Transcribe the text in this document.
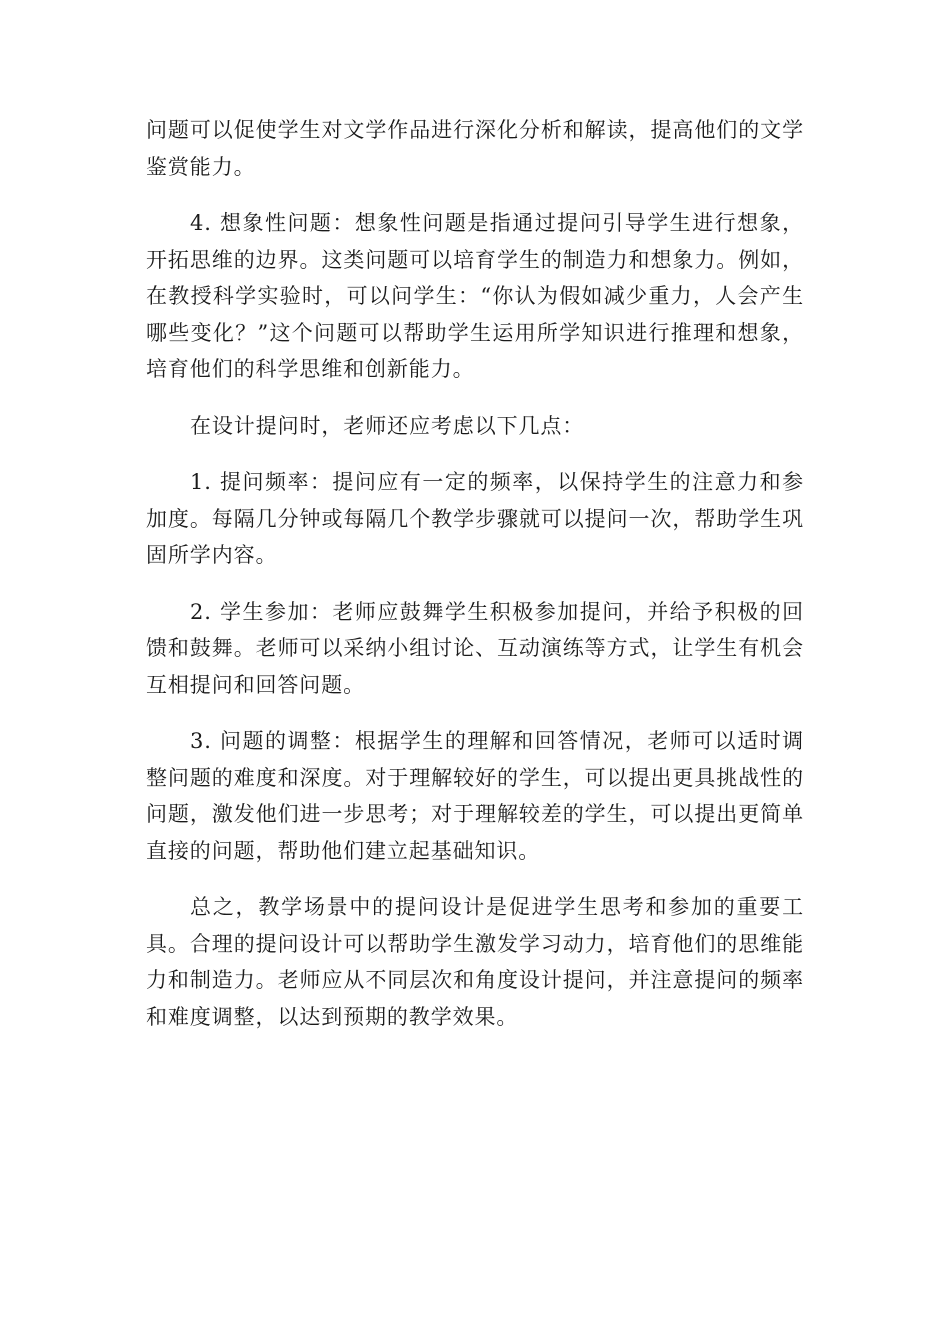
问题可以促使学生对文学作品进行深化分析和解读，提高他们的文学鉴赏能力。

4. 想象性问题：想象性问题是指通过提问引导学生进行想象，开拓思维的边界。这类问题可以培育学生的制造力和想象力。例如，在教授科学实验时，可以问学生：“你认为假如减少重力，人会产生哪些变化？”这个问题可以帮助学生运用所学知识进行推理和想象，培育他们的科学思维和创新能力。

在设计提问时，老师还应考虑以下几点：

1. 提问频率：提问应有一定的频率，以保持学生的注意力和参加度。每隔几分钟或每隔几个教学步骤就可以提问一次，帮助学生巩固所学内容。

2. 学生参加：老师应鼓舞学生积极参加提问，并给予积极的回馈和鼓舞。老师可以采纳小组讨论、互动演练等方式，让学生有机会互相提问和回答问题。

3. 问题的调整：根据学生的理解和回答情况，老师可以适时调整问题的难度和深度。对于理解较好的学生，可以提出更具挑战性的问题，激发他们进一步思考；对于理解较差的学生，可以提出更简单直接的问题，帮助他们建立起基础知识。

总之，教学场景中的提问设计是促进学生思考和参加的重要工具。合理的提问设计可以帮助学生激发学习动力，培育他们的思维能力和制造力。老师应从不同层次和角度设计提问，并注意提问的频率和难度调整，以达到预期的教学效果。
